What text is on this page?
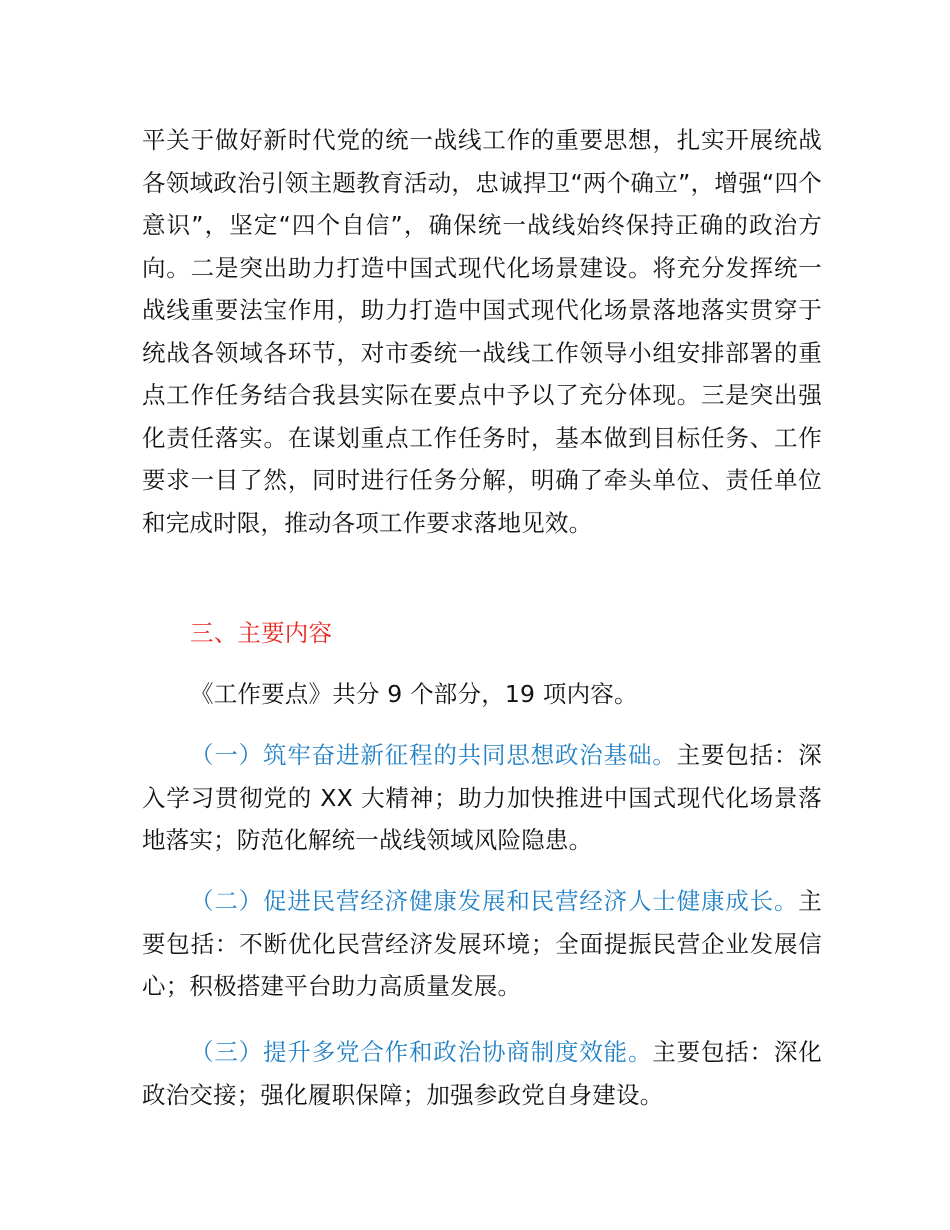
平关于做好新时代党的统一战线工作的重要思想，扎实开展统战各领域政治引领主题教育活动，忠诚捍卫“两个确立”，增强“四个意识”，坚定“四个自信”，确保统一战线始终保持正确的政治方向。二是突出助力打造中国式现代化场景建设。将充分发挥统一战线重要法宝作用，助力打造中国式现代化场景落地落实贯穿于统战各领域各环节，对市委统一战线工作领导小组安排部署的重点工作任务结合我县实际在要点中予以了充分体现。三是突出强化责任落实。在谋划重点工作任务时，基本做到目标任务、工作要求一目了然，同时进行任务分解，明确了牵头单位、责任单位和完成时限，推动各项工作要求落地见效。
三、主要内容
《工作要点》共分 9 个部分，19 项内容。
（一）筑牢奋进新征程的共同思想政治基础。主要包括：深入学习贯彻党的 XX 大精神；助力加快推进中国式现代化场景落地落实；防范化解统一战线领域风险隐患。
（二）促进民营经济健康发展和民营经济人士健康成长。主要包括：不断优化民营经济发展环境；全面提振民营企业发展信心；积极搭建平台助力高质量发展。
（三）提升多党合作和政治协商制度效能。主要包括：深化政治交接；强化履职保障；加强参政党自身建设。
